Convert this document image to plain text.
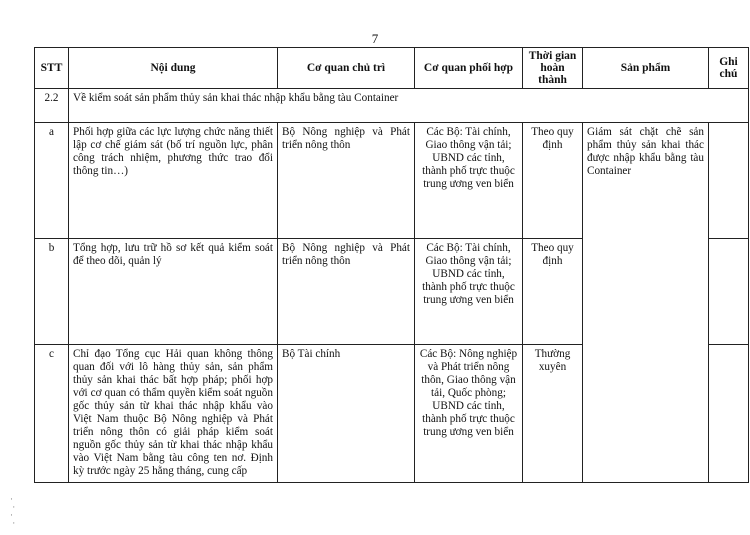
7
STT	Nội dung	Cơ quan chủ trì	Cơ quan phối hợp	Thời gian hoàn thành	Sản phẩm	Ghi chú
2.2	Về kiểm soát sản phẩm thủy sản khai thác nhập khẩu bằng tàu Container					
a	Phối hợp giữa các lực lượng chức năng thiết lập cơ chế giám sát (bố trí nguồn lực, phân công trách nhiệm, phương thức trao đổi thông tin…)	Bộ Nông nghiệp và Phát triển nông thôn	Các Bộ: Tài chính, Giao thông vận tải; UBND các tỉnh, thành phố trực thuộc trung ương ven biển	Theo quy định	Giám sát chặt chẽ sản phẩm thủy sản khai thác được nhập khẩu bằng tàu Container	
b	Tổng hợp, lưu trữ hồ sơ kết quả kiểm soát để theo dõi, quản lý	Bộ Nông nghiệp và Phát triển nông thôn	Các Bộ: Tài chính, Giao thông vận tải; UBND các tỉnh, thành phố trực thuộc trung ương ven biển	Theo quy định		
c	Chỉ đạo Tổng cục Hải quan không thông quan đối với lô hàng thủy sản, sản phẩm thủy sản khai thác bất hợp pháp; phối hợp với cơ quan có thẩm quyền kiểm soát nguồn gốc thủy sản từ khai thác nhập khẩu vào Việt Nam thuộc Bộ Nông nghiệp và Phát triển nông thôn có giải pháp kiểm soát nguồn gốc thủy sản từ khai thác nhập khẩu vào Việt Nam bằng tàu công ten nơ. Định kỳ trước ngày 25 hằng tháng, cung cấp	Bộ Tài chính	Các Bộ: Nông nghiệp và Phát triển nông thôn, Giao thông vận tải, Quốc phòng; UBND các tỉnh, thành phố trực thuộc trung ương ven biển	Thường xuyên		
·
·
·
·
